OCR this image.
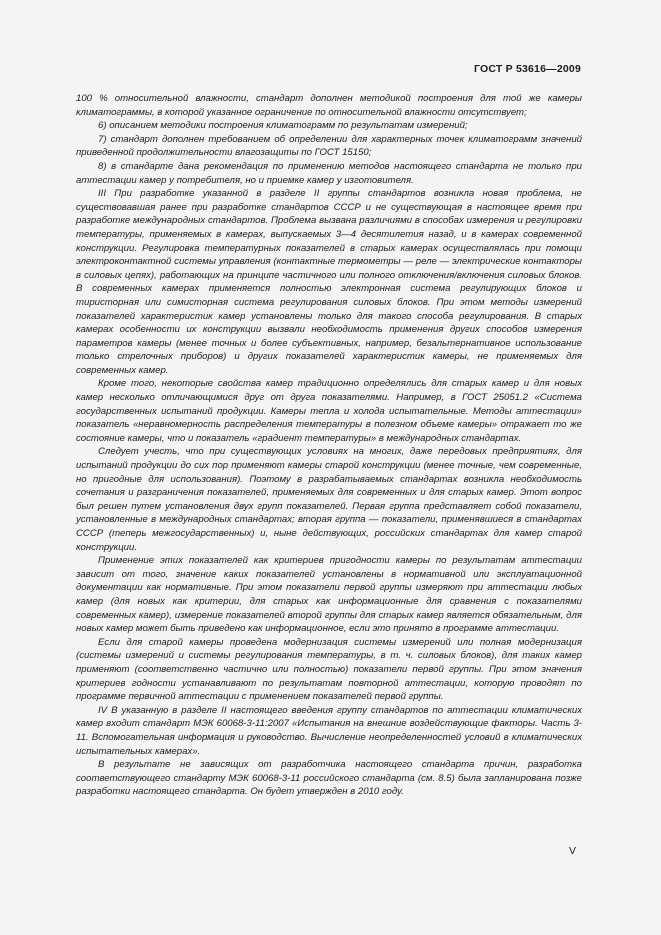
ГОСТ Р 53616—2009

100 % относительной влажности, стандарт дополнен методикой построения для той же камеры климатограммы, в которой указанное ограничение по относительной влажности отсутствует;

6) описанием методики построения климатограмм по результатам измерений;

7) стандарт дополнен требованием об определении для характерных точек климатограмм значений приведенной продолжительности влагозащиты по ГОСТ 15150;

8) в стандарте дана рекомендация по применению методов настоящего стандарта не только при аттестации камер у потребителя, но и приемке камер у изготовителя.

III При разработке указанной в разделе II группы стандартов возникла новая проблема, не существовавшая ранее при разработке стандартов СССР и не существующая в настоящее время при разработке международных стандартов. Проблема вызвана различиями в способах измерения и регулировки температуры, применяемых в камерах, выпускаемых 3—4 десятилетия назад, и в камерах современной конструкции. Регулировка температурных показателей в старых камерах осуществлялась при помощи электроконтактной системы управления (контактные термометры — реле — электрические контакторы в силовых цепях), работающих на принципе частичного или полного отключения/включения силовых блоков. В современных камерах применяется полностью электронная система регулирующих блоков и тиристорная или симисторная система регулирования силовых блоков. При этом методы измерений показателей характеристик камер установлены только для такого способа регулирования. В старых камерах особенности их конструкции вызвали необходимость применения других способов измерения параметров камеры (менее точных и более субъективных, например, безальтернативное использование только стрелочных приборов) и других показателей характеристик камеры, не применяемых для современных камер.

Кроме того, некоторые свойства камер традиционно определялись для старых камер и для новых камер несколько отличающимися друг от друга показателями. Например, в ГОСТ 25051.2 «Система государственных испытаний продукции. Камеры тепла и холода испытательные. Методы аттестации» показатель «неравномерность распределения температуры в полезном объеме камеры» отражает то же состояние камеры, что и показатель «градиент температуры» в международных стандартах.

Следует учесть, что при существующих условиях на многих, даже передовых предприятиях, для испытаний продукции до сих пор применяют камеры старой конструкции (менее точные, чем современные, но пригодные для использования). Поэтому в разрабатываемых стандартах возникла необходимость сочетания и разграничения показателей, применяемых для современных и для старых камер. Этот вопрос был решен путем установления двух групп показателей. Первая группа представляет собой показатели, установленные в международных стандартах; вторая группа — показатели, применявшиеся в стандартах СССР (теперь межгосударственных) и, ныне действующих, российских стандартах для камер старой конструкции.

Применение этих показателей как критериев пригодности камеры по результатам аттестации зависит от того, значение каких показателей установлены в нормативной или эксплуатационной документации как нормативные. При этом показатели первой группы измеряют при аттестации любых камер (для новых как критерии, для старых как информационные для сравнения с показателями современных камер), измерение показателей второй группы для старых камер является обязательным, для новых камер может быть приведено как информационное, если это принято в программе аттестации.

Если для старой камеры проведена модернизация системы измерений или полная модернизация (системы измерений и системы регулирования температуры, в т. ч. силовых блоков), для таких камер применяют (соответственно частично или полностью) показатели первой группы. При этом значения критериев годности устанавливают по результатам повторной аттестации, которую проводят по программе первичной аттестации с применением показателей первой группы.

IV В указанную в разделе II настоящего введения группу стандартов по аттестации климатических камер входит стандарт МЭК 60068-3-11:2007 «Испытания на внешние воздействующие факторы. Часть 3-11. Вспомогательная информация и руководство. Вычисление неопределенностей условий в климатических испытательных камерах».

В результате не зависящих от разработчика настоящего стандарта причин, разработка соответствующего стандарту МЭК 60068-3-11 российского стандарта (см. 8.5) была запланирована позже разработки настоящего стандарта. Он будет утвержден в 2010 году.

V
